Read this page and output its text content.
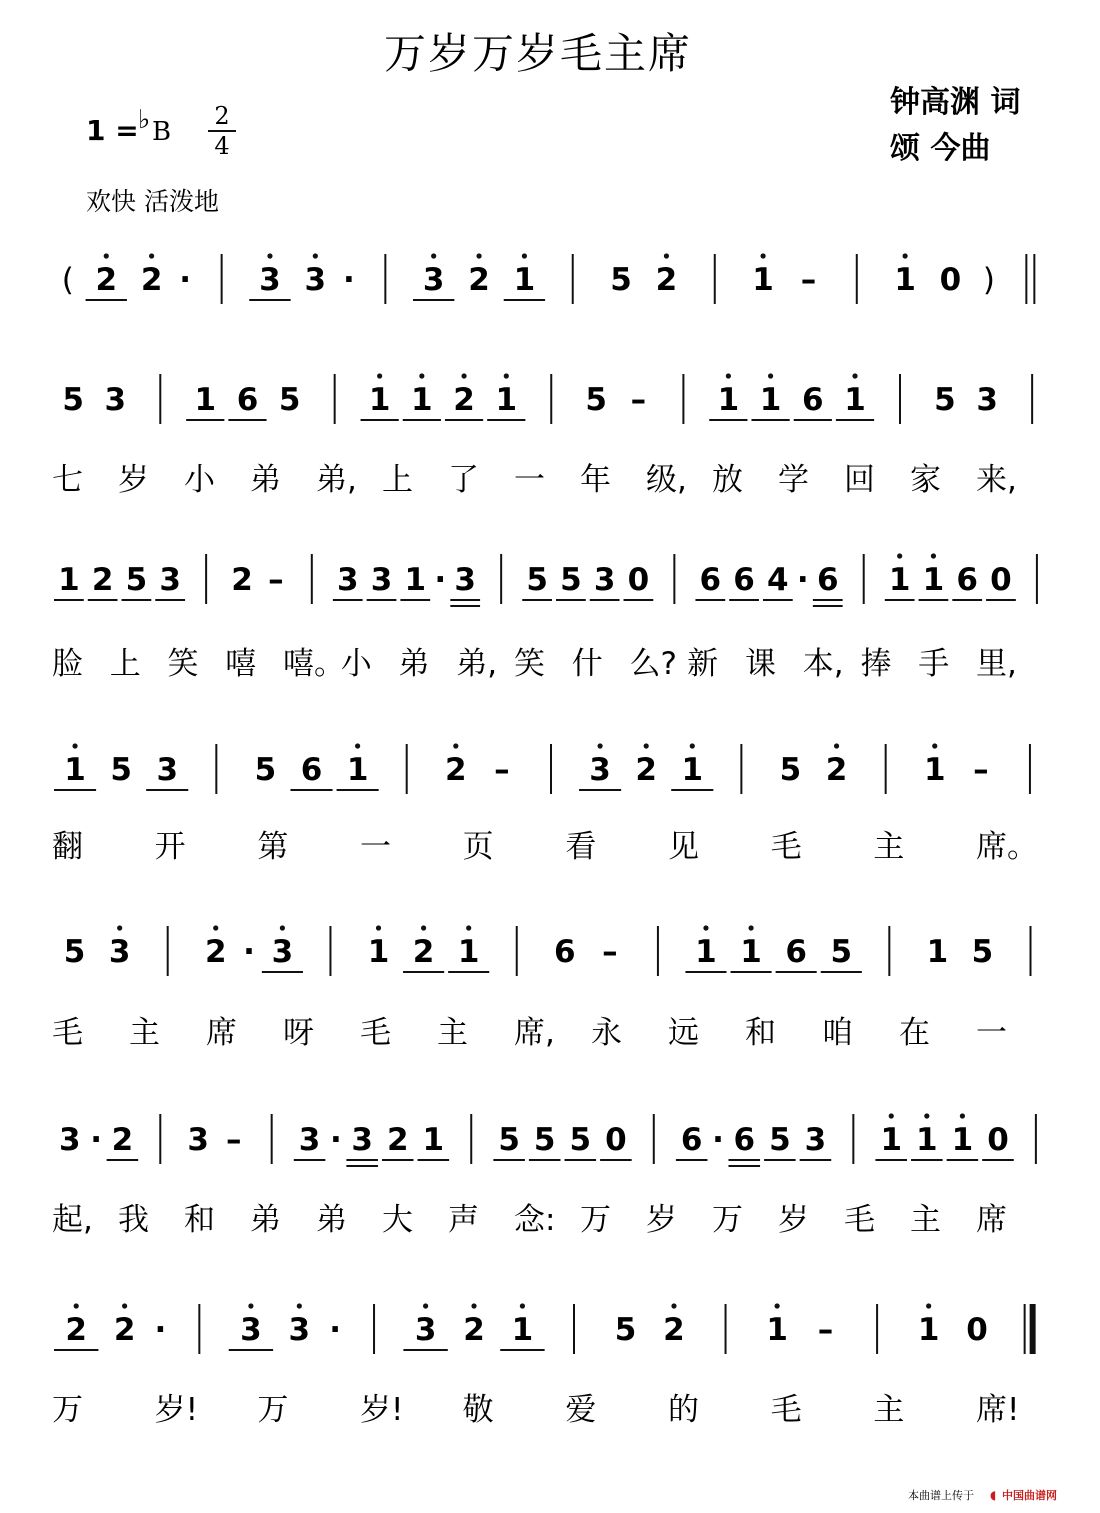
万岁万岁毛主席
钟高渊 词
颂 今曲
1 = ♭ B
2
4
欢快 活泼地
( 2 2 · 3 3 · 3 2 1 5 2 1 –	1 0 )
5 3 1 6 5 1 1 2 1 5 – 1 1 6 1 5 3
七 岁 小 弟 弟, 上 了 一 年 级, 放 学 回 家 来,
1 2 5 3 2 – 3 3 1 · 3 5 5 3 0 6 6 4 · 6 1 1 6 0
脸 上 笑 嘻 嘻。
小 弟 弟, 笑 什 么? 新 课 本, 捧 手 里,
1 5 3 5 6 1 2 –	3 2 1 5 2 1 –
翻 开 第 一 页 看 见 毛 主 席。
5 3 2 · 3 1 2 1 6 –	1 1 6 5 1 5
毛 主 席 呀 毛 主 席, 永 远 和 咱 在 一
3 · 2 3 – 3 · 3 2 1 5 5 5 0 6 · 6 5 3 1 1 1 0
起, 我 和 弟 弟 大 声 念: 万 岁 万 岁 毛 主 席
2 2 · 3 3 · 3 2 1	5 2	1 –	1 0
万 岁! 万 岁! 敬 爱 的 毛 主 席!
本曲谱上传于 ◖ 中国曲谱网
